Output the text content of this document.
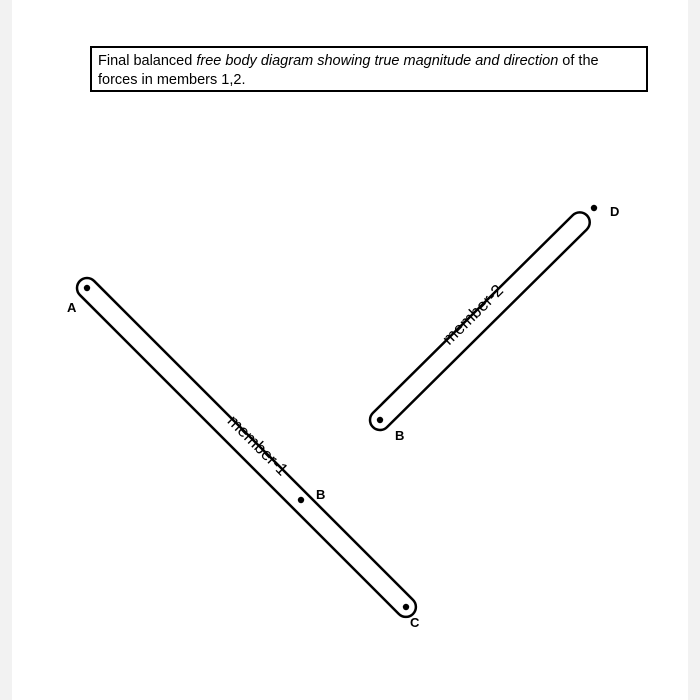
Final balanced free body diagram showing true magnitude and direction of the forces in members 1,2.
member-1
member-2
A
B
C
B
D
